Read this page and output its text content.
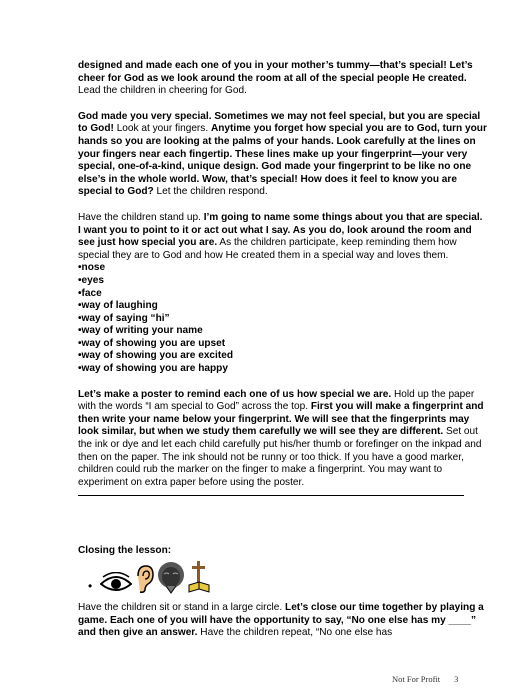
designed and made each one of you in your mother’s tummy—that’s special! Let’s cheer for God as we look around the room at all of the special people He created. Lead the children in cheering for God.

God made you very special. Sometimes we may not feel special, but you are special to God! Look at your fingers. Anytime you forget how special you are to God, turn your hands so you are looking at the palms of your hands. Look carefully at the lines on your fingers near each fingertip. These lines make up your fingerprint—your very special, one-of-a-kind, unique design. God made your fingerprint to be like no one else’s in the whole world. Wow, that’s special! How does it feel to know you are special to God? Let the children respond.

Have the children stand up. I’m going to name some things about you that are special. I want you to point to it or act out what I say. As you do, look around the room and see just how special you are. As the children participate, keep reminding them how special they are to God and how He created them in a special way and loves them.

• nose
• eyes
• face
• way of laughing
• way of saying “hi”
• way of writing your name
• way of showing you are upset
• way of showing you are excited
• way of showing you are happy

Let’s make a poster to remind each one of us how special we are. Hold up the paper with the words “I am special to God” across the top. First you will make a fingerprint and then write your name below your fingerprint. We will see that the fingerprints may look similar, but when we study them carefully we will see they are different. Set out the ink or dye and let each child carefully put his/her thumb or forefinger on the inkpad and then on the paper. The ink should not be runny or too thick. If you have a good marker, children could rub the marker on the finger to make a fingerprint. You may want to experiment on extra paper before using the poster.

Closing the lesson:
•
Have the children sit or stand in a large circle. Let’s close our time together by playing a game. Each one of you will have the opportunity to say, “No one else has my ____” and then give an answer. Have the children repeat, “No one else has
Not For Profit 3
